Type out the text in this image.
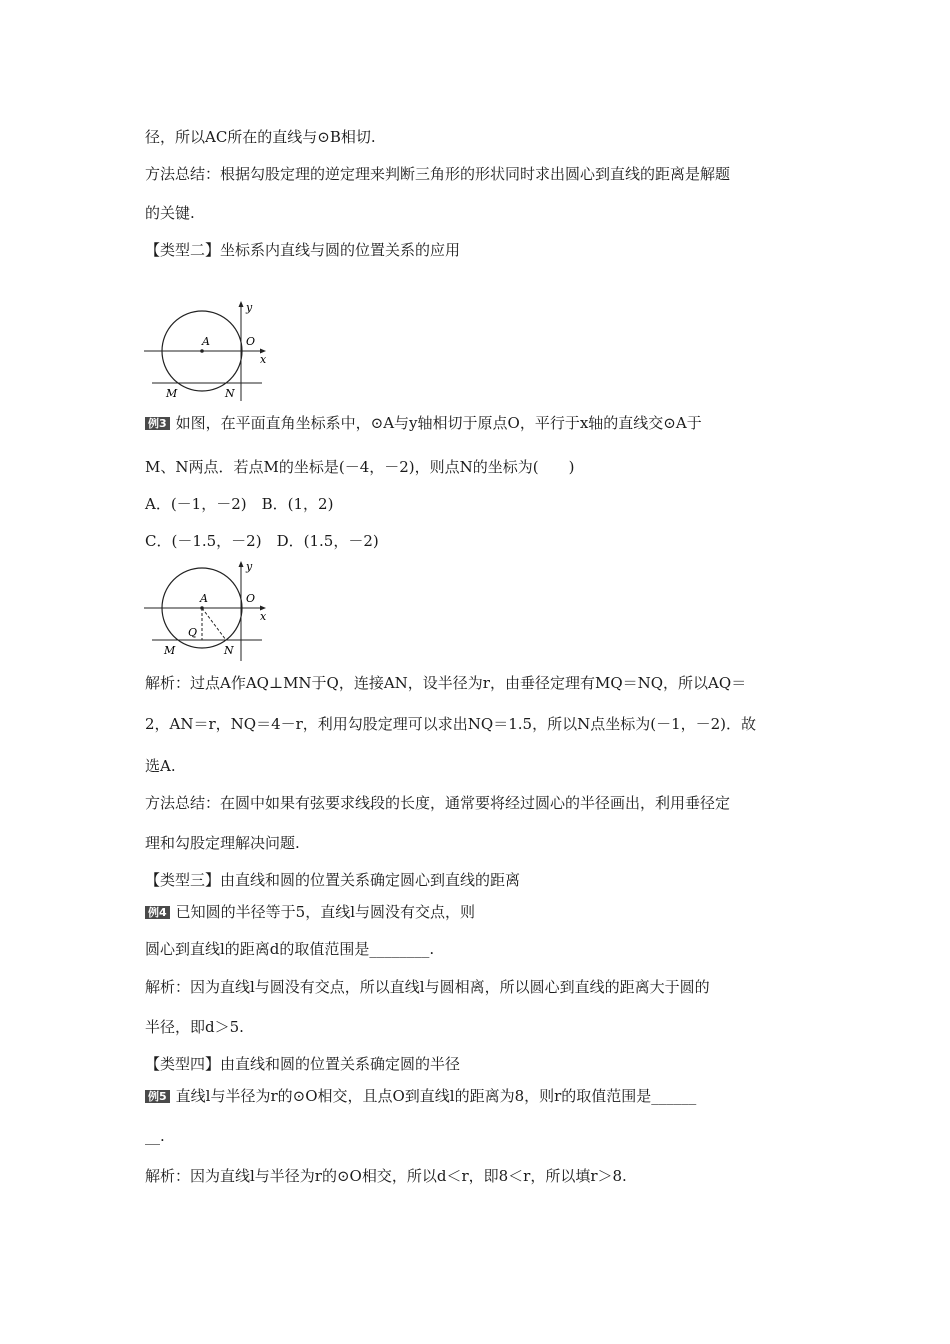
径，所以AC所在的直线与⊙B相切.
方法总结：根据勾股定理的逆定理来判断三角形的形状同时求出圆心到直线的距离是解题
的关键.
【类型二】坐标系内直线与圆的位置关系的应用
A	O
x
y
M	N
例3 如图，在平面直角坐标系中，⊙A与y轴相切于原点O，平行于x轴的直线交⊙A于
M、N两点．若点M的坐标是(－4，－2)，则点N的坐标为(　　)
A．(－1，－2)　B．(1，2)
C．(－1.5，－2)　D．(1.5，－2)
A	O
x
y
Q
M	N
解析：过点A作AQ⊥MN于Q，连接AN，设半径为r，由垂径定理有MQ＝NQ，所以AQ＝
2，AN＝r，NQ＝4－r，利用勾股定理可以求出NQ＝1.5，所以N点坐标为(－1，－2)．故
选A.
方法总结：在圆中如果有弦要求线段的长度，通常要将经过圆心的半径画出，利用垂径定
理和勾股定理解决问题.
【类型三】由直线和圆的位置关系确定圆心到直线的距离
例4 已知圆的半径等于5，直线l与圆没有交点，则
圆心到直线l的距离d的取值范围是________.
解析：因为直线l与圆没有交点，所以直线l与圆相离，所以圆心到直线的距离大于圆的
半径，即d＞5.
【类型四】由直线和圆的位置关系确定圆的半径
例5 直线l与半径为r的⊙O相交，且点O到直线l的距离为8，则r的取值范围是______
__.
解析：因为直线l与半径为r的⊙O相交，所以d＜r，即8＜r，所以填r＞8.
